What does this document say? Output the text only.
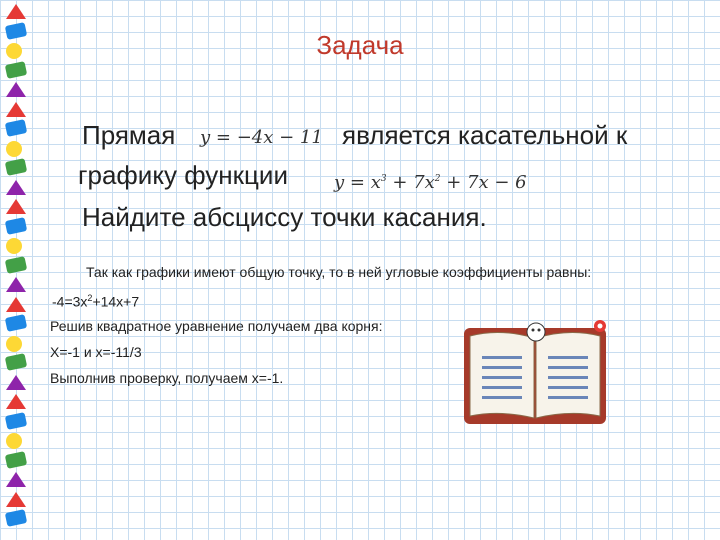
Задача
Прямая y = −4x − 11 является касательной к
графику функции	$y = x^3 + 7x^2 + 7x - 6$
Найдите абсциссу точки касания.
Так как графики имеют общую точку, то в ней угловые коэффициенты равны:
$-4=3x^2+14x+7$
Решив квадратное уравнение получаем два корня:
X=-1 и x=-11/3
Выполнив проверку, получаем x=-1.
